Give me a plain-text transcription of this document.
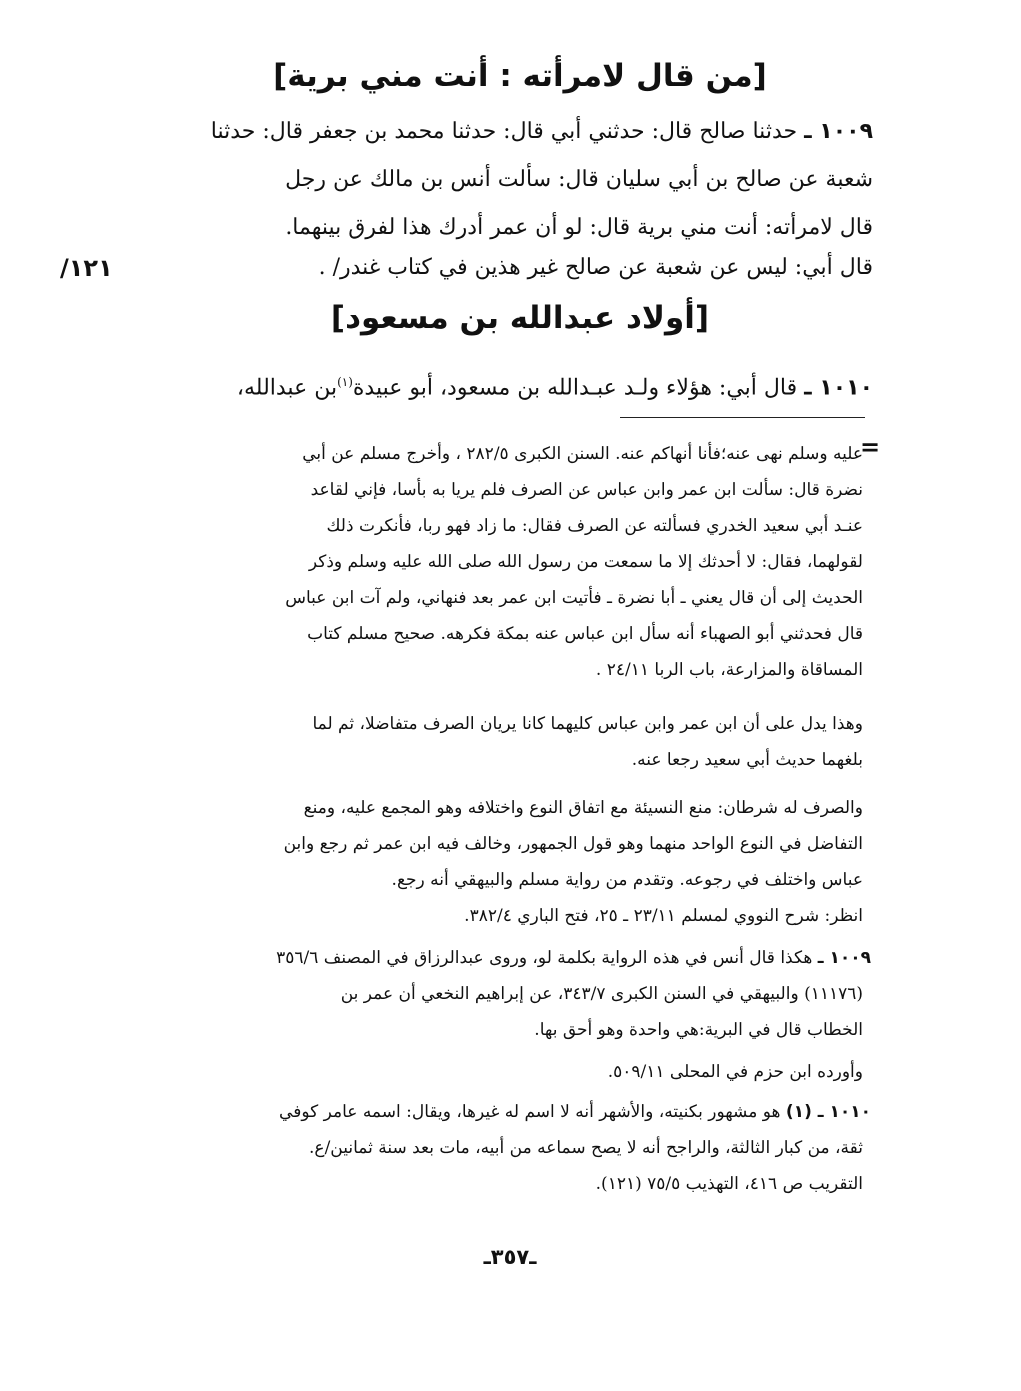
[من قال لامرأته : أنت مني برية]
١٠٠٩ ـ حدثنا صالح قال: حدثني أبي قال: حدثنا محمد بن جعفر قال: حدثنا
شعبة عن صالح بن أبي سليان قال: سألت أنس بن مالك عن رجل
قال لامرأته: أنت مني برية قال: لو أن عمر أدرك هذا لفرق بينهما.
قال أبي: ليس عن شعبة عن صالح غير هذين في كتاب غندر/ .
١٢١/
[أولاد عبدالله بن مسعود]
١٠١٠ ـ قال أبي: هؤلاء ولـد عبـدالله بن مسعود، أبو عبيدة$^{(١)}$بن عبدالله،
=
عليه وسلم نهى عنه؛فأنا أنهاكم عنه. السنن الكبرى ٢٨٢/٥ ، وأخرج مسلم عن أبي
نضرة قال: سألت ابن عمر وابن عباس عن الصرف فلم يريا به بأسا، فإني لقاعد
عنـد أبي سعيد الخدري فسألته عن الصرف فقال: ما زاد فهو ربا، فأنكرت ذلك
لقولهما، فقال: لا أحدثك إلا ما سمعت من رسول الله صلى الله عليه وسلم وذكر
الحديث إلى أن قال يعني ـ أبا نضرة ـ فأتيت ابن عمر بعد فنهاني، ولم آت ابن عباس
قال فحدثني أبو الصهباء أنه سأل ابن عباس عنه بمكة فكرهه. صحيح مسلم كتاب
المساقاة والمزارعة، باب الربا ٢٤/١١ .
وهذا يدل على أن ابن عمر وابن عباس كليهما كانا يريان الصرف متفاضلا، ثم لما
بلغهما حديث أبي سعيد رجعا عنه.
والصرف له شرطان: منع النسيئة مع اتفاق النوع واختلافه وهو المجمع عليه، ومنع
التفاضل في النوع الواحد منهما وهو قول الجمهور، وخالف فيه ابن عمر ثم رجع وابن
عباس واختلف في رجوعه. وتقدم من رواية مسلم والبيهقي أنه رجع.
انظر: شرح النووي لمسلم ٢٣/١١ ـ ٢٥، فتح الباري ٣٨٢/٤.
١٠٠٩ ـ هكذا قال أنس في هذه الرواية بكلمة لو، وروى عبدالرزاق في المصنف ٣٥٦/٦
(١١١٧٦) والبيهقي في السنن الكبرى ٣٤٣/٧، عن إبراهيم النخعي أن عمر بن
الخطاب قال في البرية:هي واحدة وهو أحق بها.
وأورده ابن حزم في المحلى ٥٠٩/١١.
١٠١٠ ـ (١) هو مشهور بكنيته، والأشهر أنه لا اسم له غيرها، ويقال: اسمه عامر كوفي
ثقة، من كبار الثالثة، والراجح أنه لا يصح سماعه من أبيه، مات بعد سنة ثمانين/ع.
التقريب ص ٤١٦، التهذيب ٧٥/٥ (١٢١).
ـ٣٥٧ـ
